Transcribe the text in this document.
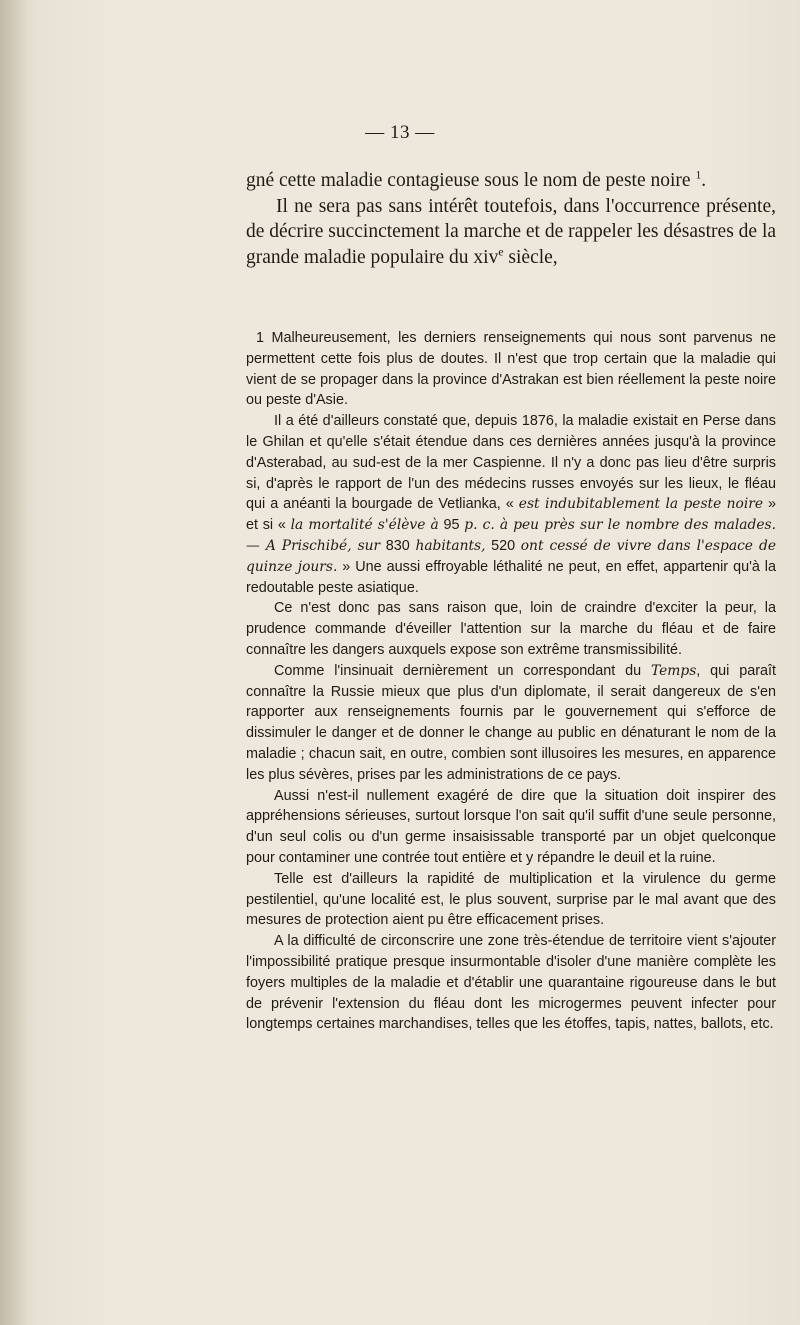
— 13 —

gné cette maladie contagieuse sous le nom de peste noire $^1$.

Il ne sera pas sans intérêt toutefois, dans l'occurrence présente, de décrire succinctement la marche et de rappeler les désastres de la grande maladie populaire du xiv$^e$ siècle,

1 Malheureusement, les derniers renseignements qui nous sont parvenus ne permettent cette fois plus de doutes. Il n'est que trop certain que la maladie qui vient de se propager dans la province d'Astrakan est bien réellement la peste noire ou peste d'Asie.

Il a été d'ailleurs constaté que, depuis 1876, la maladie existait en Perse dans le Ghilan et qu'elle s'était étendue dans ces dernières années jusqu'à la province d'Asterabad, au sud-est de la mer Caspienne. Il n'y a donc pas lieu d'être surpris si, d'après le rapport de l'un des médecins russes envoyés sur les lieux, le fléau qui a anéanti la bourgade de Vetlianka, « est indubitablement la peste noire » et si « la mortalité s'élève à 95 p. c. à peu près sur le nombre des malades. — A Prischibé, sur 830 habitants, 520 ont cessé de vivre dans l'espace de quinze jours. » Une aussi effroyable léthalité ne peut, en effet, appartenir qu'à la redoutable peste asiatique.

Ce n'est donc pas sans raison que, loin de craindre d'exciter la peur, la prudence commande d'éveiller l'attention sur la marche du fléau et de faire connaître les dangers auxquels expose son extrême transmissibilité.

Comme l'insinuait dernièrement un correspondant du Temps, qui paraît connaître la Russie mieux que plus d'un diplomate, il serait dangereux de s'en rapporter aux renseignements fournis par le gouvernement qui s'efforce de dissimuler le danger et de donner le change au public en dénaturant le nom de la maladie ; chacun sait, en outre, combien sont illusoires les mesures, en apparence les plus sévères, prises par les administrations de ce pays.

Aussi n'est-il nullement exagéré de dire que la situation doit inspirer des appréhensions sérieuses, surtout lorsque l'on sait qu'il suffit d'une seule personne, d'un seul colis ou d'un germe insaisissable transporté par un objet quelconque pour contaminer une contrée tout entière et y répandre le deuil et la ruine.

Telle est d'ailleurs la rapidité de multiplication et la virulence du germe pestilentiel, qu'une localité est, le plus souvent, surprise par le mal avant que des mesures de protection aient pu être efficacement prises.

A la difficulté de circonscrire une zone très-étendue de territoire vient s'ajouter l'impossibilité pratique presque insurmontable d'isoler d'une manière complète les foyers multiples de la maladie et d'établir une quarantaine rigoureuse dans le but de prévenir l'extension du fléau dont les microgermes peuvent infecter pour longtemps certaines marchandises, telles que les étoffes, tapis, nattes, ballots, etc.
